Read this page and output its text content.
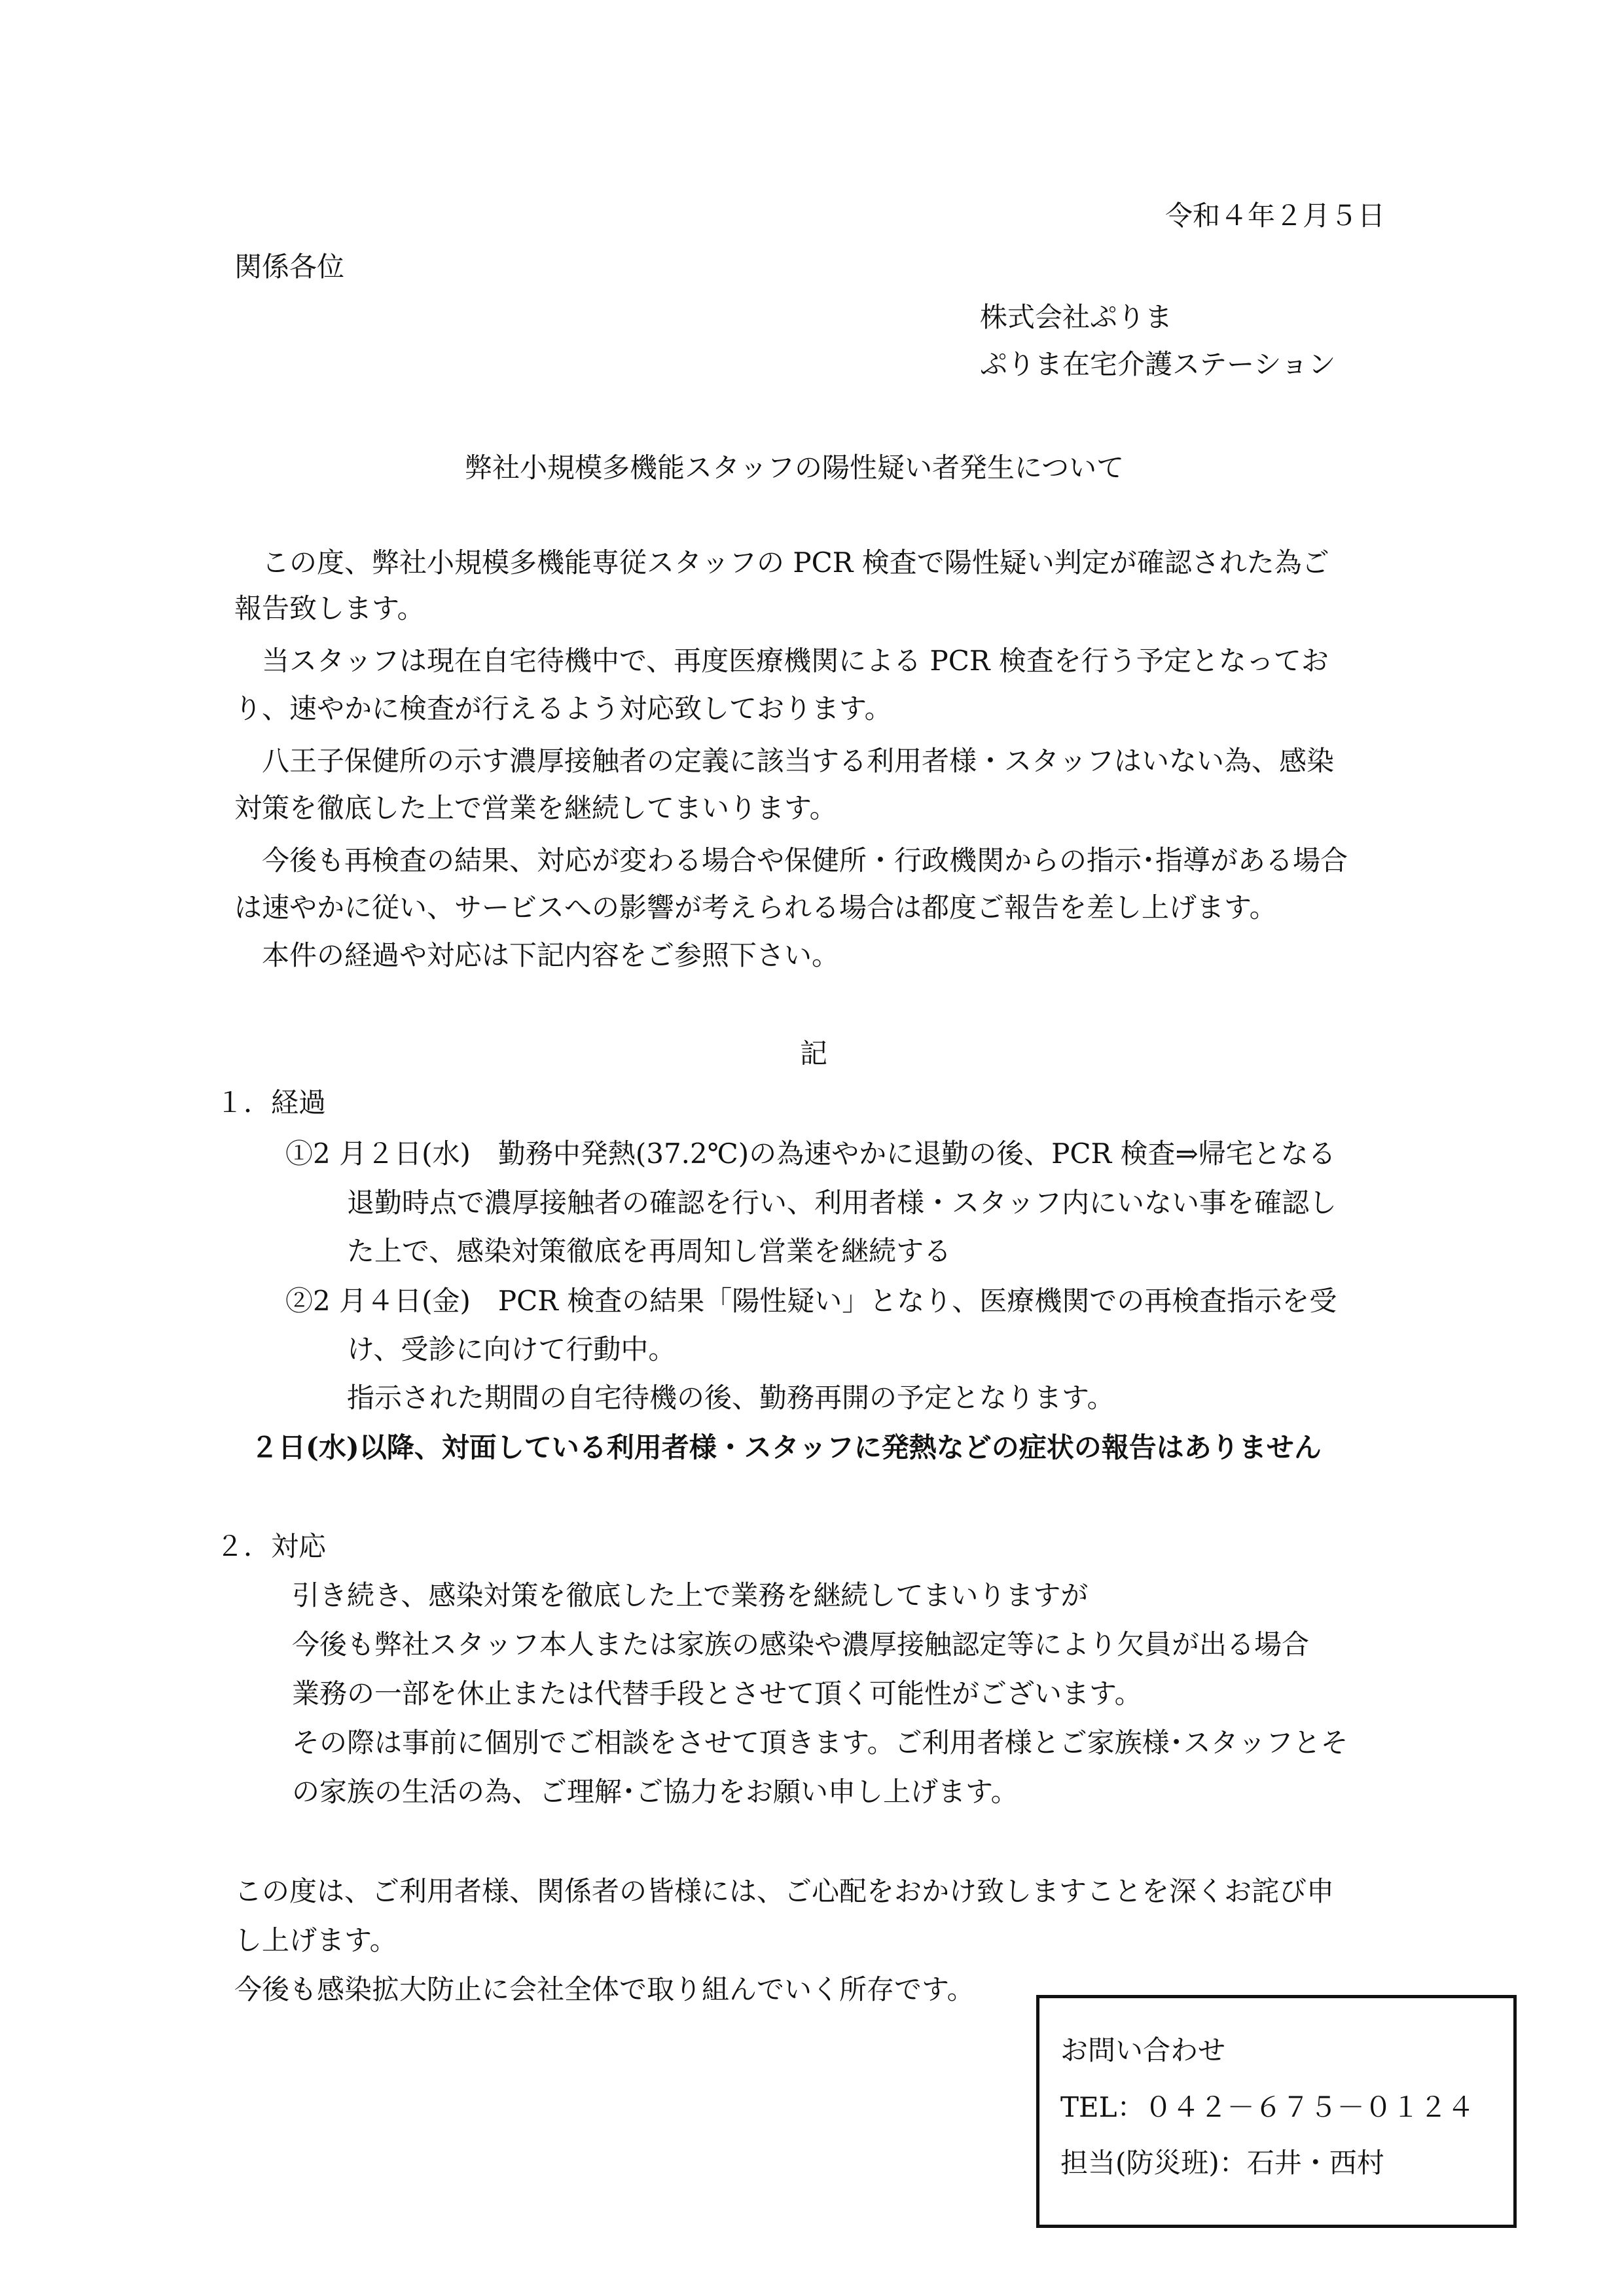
令和４年２月５日

関係各位

株式会社ぷりま

ぷりま在宅介護ステーション

弊社小規模多機能スタッフの陽性疑い者発生について

この度、弊社小規模多機能専従スタッフの PCR 検査で陽性疑い判定が確認された為ご

報告致します。

当スタッフは現在自宅待機中で、再度医療機関による PCR 検査を行う予定となってお

り、速やかに検査が行えるよう対応致しております。

八王子保健所の示す濃厚接触者の定義に該当する利用者様・スタッフはいない為、感染

対策を徹底した上で営業を継続してまいります。

今後も再検査の結果、対応が変わる場合や保健所・行政機関からの指示･指導がある場合

は速やかに従い、サービスへの影響が考えられる場合は都度ご報告を差し上げます。

本件の経過や対応は下記内容をご参照下さい。

記

１．経過

①2 月２日(水)　勤務中発熱(37.2℃)の為速やかに退勤の後、PCR 検査⇒帰宅となる

退勤時点で濃厚接触者の確認を行い、利用者様・スタッフ内にいない事を確認し

た上で、感染対策徹底を再周知し営業を継続する

②2 月４日(金)　PCR 検査の結果「陽性疑い」となり、医療機関での再検査指示を受

け、受診に向けて行動中。

指示された期間の自宅待機の後、勤務再開の予定となります。

２日(水)以降、対面している利用者様・スタッフに発熱などの症状の報告はありません

２．対応

引き続き、感染対策を徹底した上で業務を継続してまいりますが

今後も弊社スタッフ本人または家族の感染や濃厚接触認定等により欠員が出る場合

業務の一部を休止または代替手段とさせて頂く可能性がございます。

その際は事前に個別でご相談をさせて頂きます。ご利用者様とご家族様･スタッフとそ

の家族の生活の為、ご理解･ご協力をお願い申し上げます。

この度は、ご利用者様、関係者の皆様には、ご心配をおかけ致しますことを深くお詫び申

し上げます。

今後も感染拡大防止に会社全体で取り組んでいく所存です。

お問い合わせ

TEL：０４２－６７５－０１２４

担当(防災班)：石井・西村
